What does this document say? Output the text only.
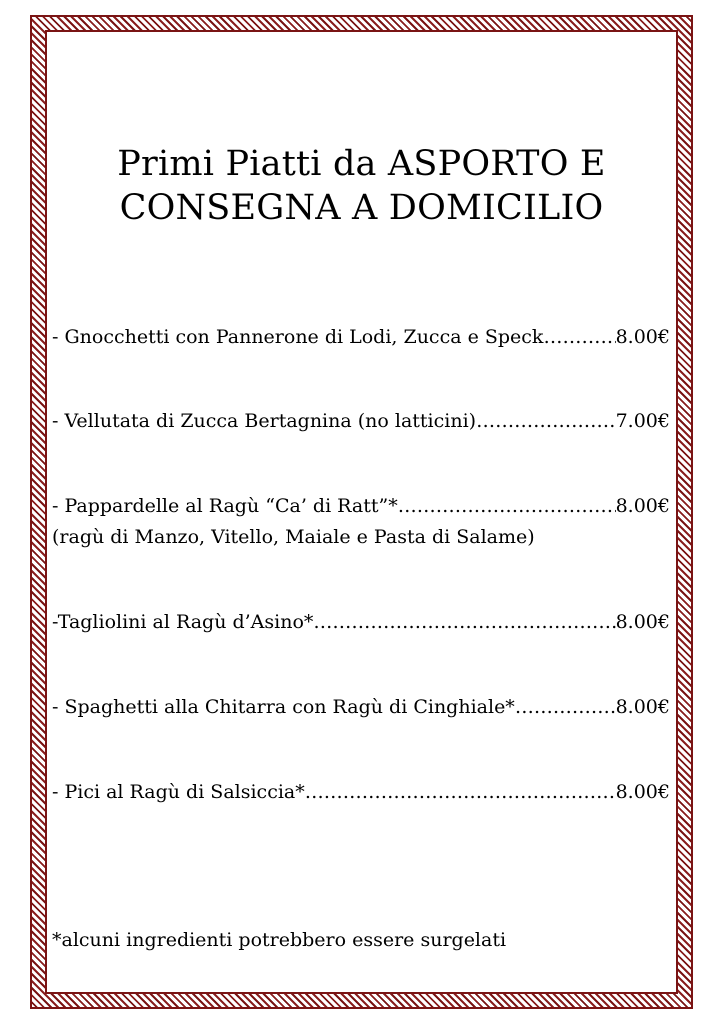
Primi Piatti da ASPORTO E
CONSEGNA A DOMICILIO
- Gnocchetti con Pannerone di Lodi, Zucca e Speck ……………………………………………………………………………………………………………………	8.00€
- Vellutata di Zucca Bertagnina (no latticini) ……………………………………………………………………………………………………………………	7.00€
- Pappardelle al Ragù “Ca’ di Ratt”* ……………………………………………………………………………………………………………………	8.00€
(ragù di Manzo, Vitello, Maiale e Pasta di Salame)
-Tagliolini al Ragù d’Asino* ……………………………………………………………………………………………………………………	8.00€
- Spaghetti alla Chitarra con Ragù di Cinghiale* ……………………………………………………………………………………………………………………	8.00€
- Pici al Ragù di Salsiccia* ……………………………………………………………………………………………………………………	8.00€
*alcuni ingredienti potrebbero essere surgelati
